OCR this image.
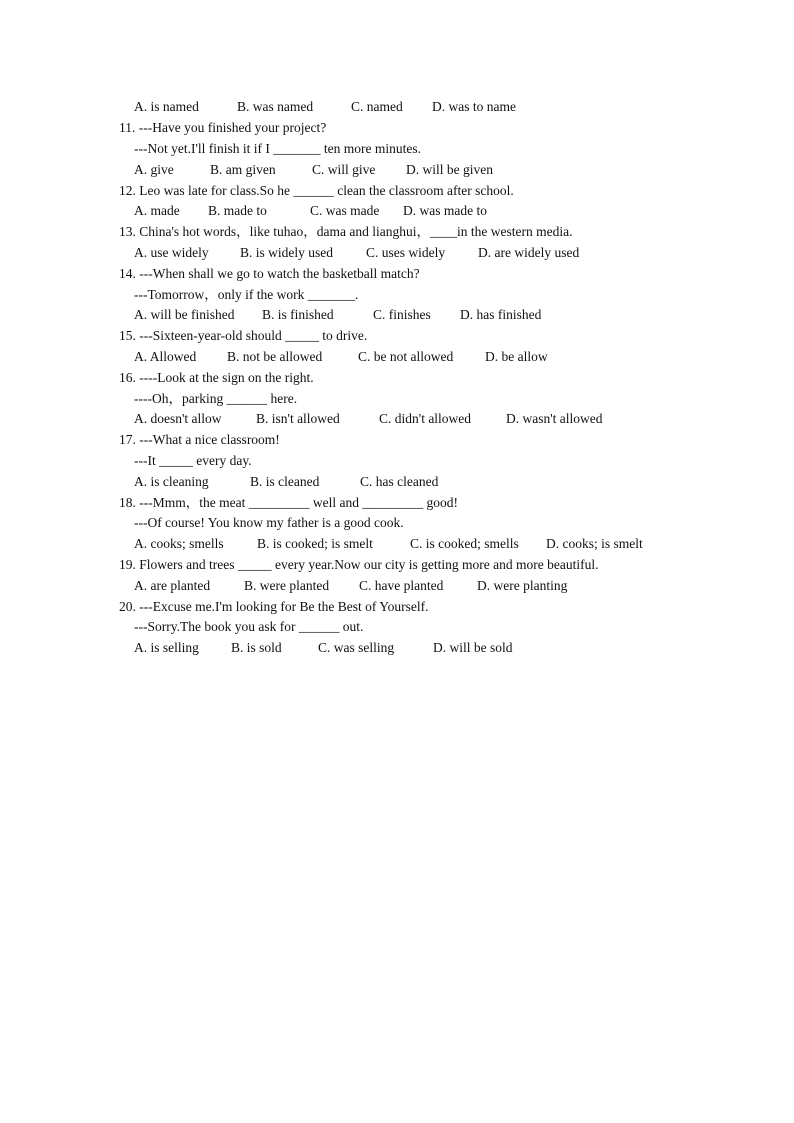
A. is named	B. was named	C. named D. was to name
11. ---Have you finished your project?
---Not yet.I'll finish it if I _______ ten more minutes.
A. give	B. am given	C. will give D. will be given
12. Leo was late for class.So he ______ clean the classroom after school.
A. made B. made to	C. was made D. was made to
13. China's hot words，like tuhao，dama and lianghui，____in the western media.
A. use widely B. is widely used C. uses widely D. are widely used
14. ---When shall we go to watch the basketball match?
---Tomorrow，only if the work _______.
A. will be finished B. is finished	C. finishes D. has finished
15. ---Sixteen-year-old should _____ to drive.
A. Allowed B. not be allowed	C. be not allowed D. be allow
16. ----Look at the sign on the right.
----Oh，parking ______ here.
A. doesn't allow	B. isn't allowed	C. didn't allowed	D. wasn't allowed
17. ---What a nice classroom!
---It _____ every day.
A. is cleaning	B. is cleaned	C. has cleaned
18. ---Mmm，the meat _________ well and _________ good!
---Of course! You know my father is a good cook.
A. cooks; smells B. is cooked; is smelt	C. is cooked; smells D. cooks; is smelt
19. Flowers and trees _____ every year.Now our city is getting more and more beautiful.
A. are planted	B. were planted C. have planted D. were planting
20. ---Excuse me.I'm looking for Be the Best of Yourself.
---Sorry.The book you ask for ______ out.
A. is selling B. is sold	C. was selling	D. will be sold
